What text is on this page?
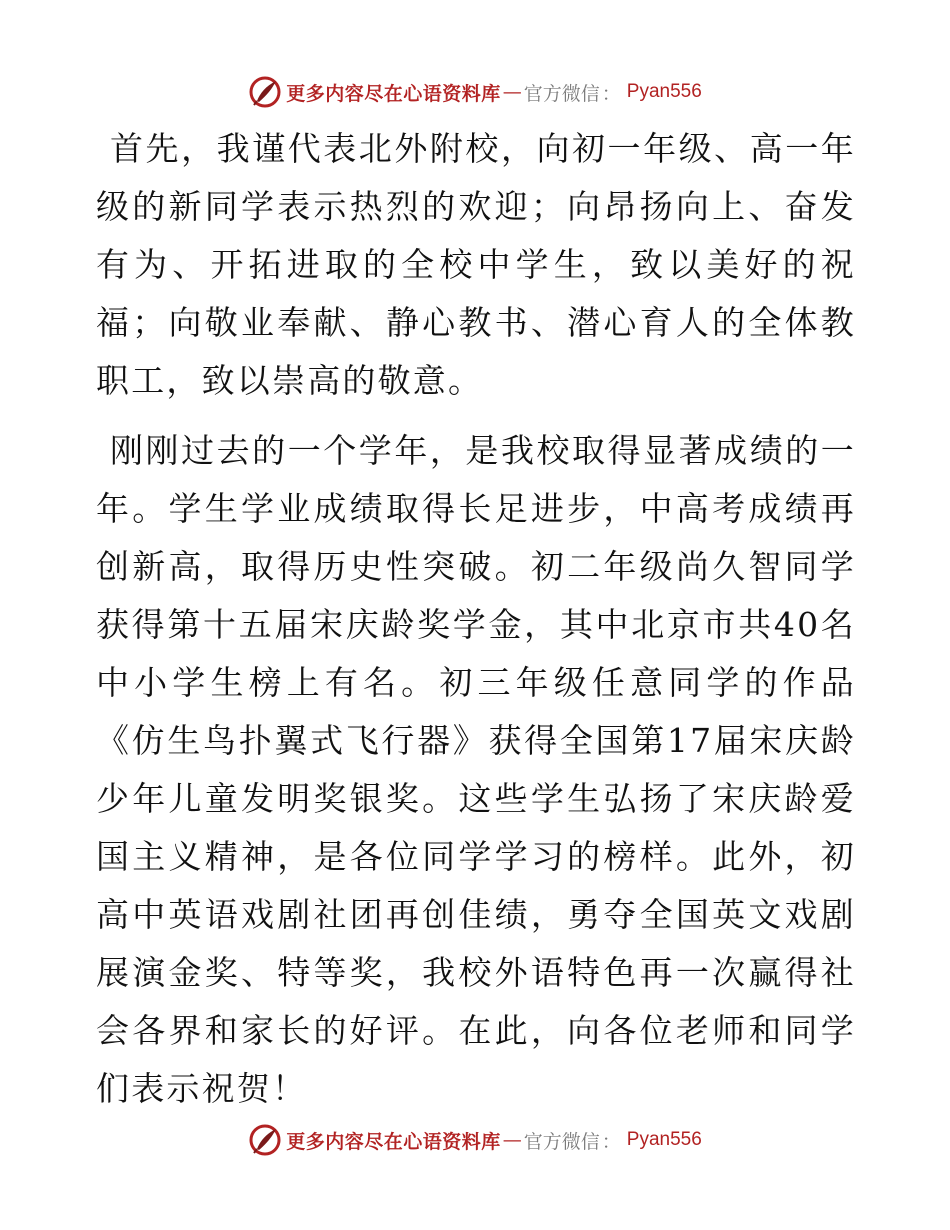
更多内容尽在心语资料库 — 官方微信 ： Pyan556

首先，我谨代表北外附校，向初一年级、高一年级的新同学表示热烈的欢迎；向昂扬向上、奋发有为、开拓进取的全校中学生，致以美好的祝福；向敬业奉献、静心教书、潜心育人的全体教职工，致以崇高的敬意。

刚刚过去的一个学年，是我校取得显著成绩的一年。学生学业成绩取得长足进步，中高考成绩再创新高，取得历史性突破。初二年级尚久智同学获得第十五届宋庆龄奖学金，其中北京市共40名中小学生榜上有名。初三年级任意同学的作品《仿生鸟扑翼式飞行器》获得全国第17届宋庆龄少年儿童发明奖银奖。这些学生弘扬了宋庆龄爱国主义精神，是各位同学学习的榜样。此外，初高中英语戏剧社团再创佳绩，勇夺全国英文戏剧展演金奖、特等奖，我校外语特色再一次赢得社会各界和家长的好评。在此，向各位老师和同学们表示祝贺！

更多内容尽在心语资料库 — 官方微信 ： Pyan556
